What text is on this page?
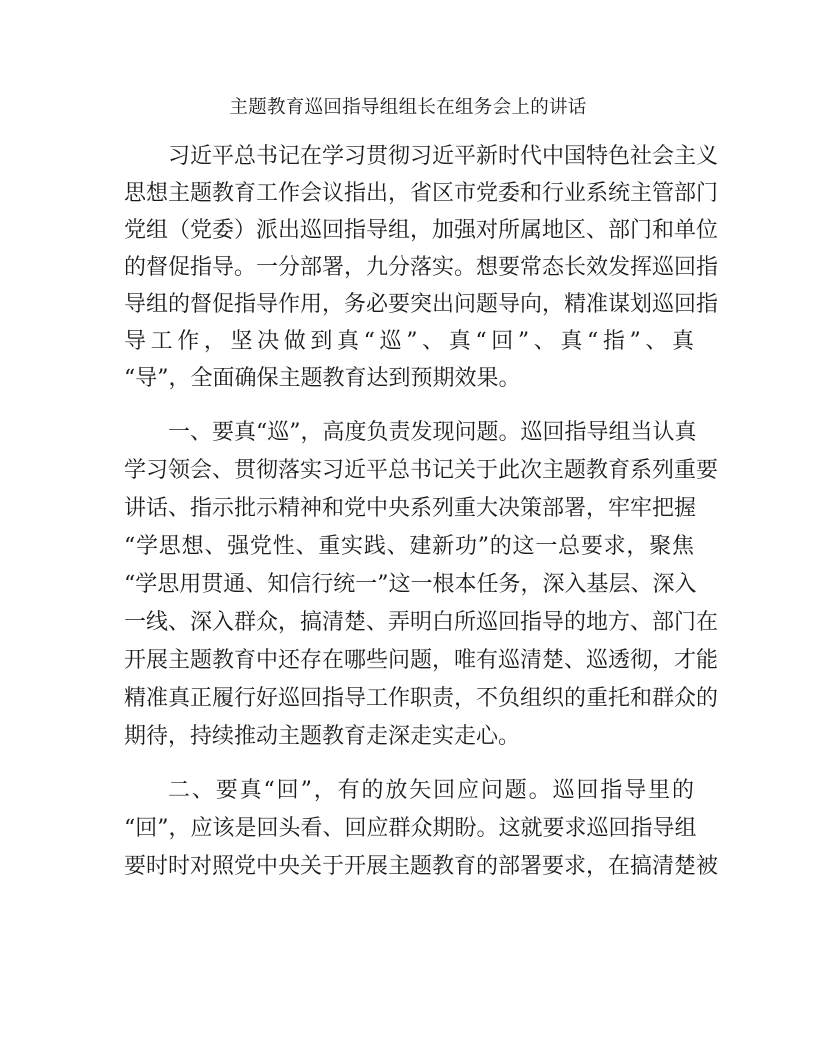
主题教育巡回指导组组长在组务会上的讲话
习近平总书记在学习贯彻习近平新时代中国特色社会主义
思想主题教育工作会议指出，省区市党委和行业系统主管部门
党组（党委）派出巡回指导组，加强对所属地区、部门和单位
的督促指导。一分部署，九分落实。想要常态长效发挥巡回指
导组的督促指导作用，务必要突出问题导向，精准谋划巡回指
导工作，坚决做到真“巡”、真“回”、真“指”、真
“导”，全面确保主题教育达到预期效果。
一、要真“巡”，高度负责发现问题。巡回指导组当认真
学习领会、贯彻落实习近平总书记关于此次主题教育系列重要
讲话、指示批示精神和党中央系列重大决策部署，牢牢把握
“学思想、强党性、重实践、建新功”的这一总要求，聚焦
“学思用贯通、知信行统一”这一根本任务，深入基层、深入
一线、深入群众，搞清楚、弄明白所巡回指导的地方、部门在
开展主题教育中还存在哪些问题，唯有巡清楚、巡透彻，才能
精准真正履行好巡回指导工作职责，不负组织的重托和群众的
期待，持续推动主题教育走深走实走心。
二、要真“回”，有的放矢回应问题。巡回指导里的
“回”，应该是回头看、回应群众期盼。这就要求巡回指导组
要时时对照党中央关于开展主题教育的部署要求，在搞清楚被
